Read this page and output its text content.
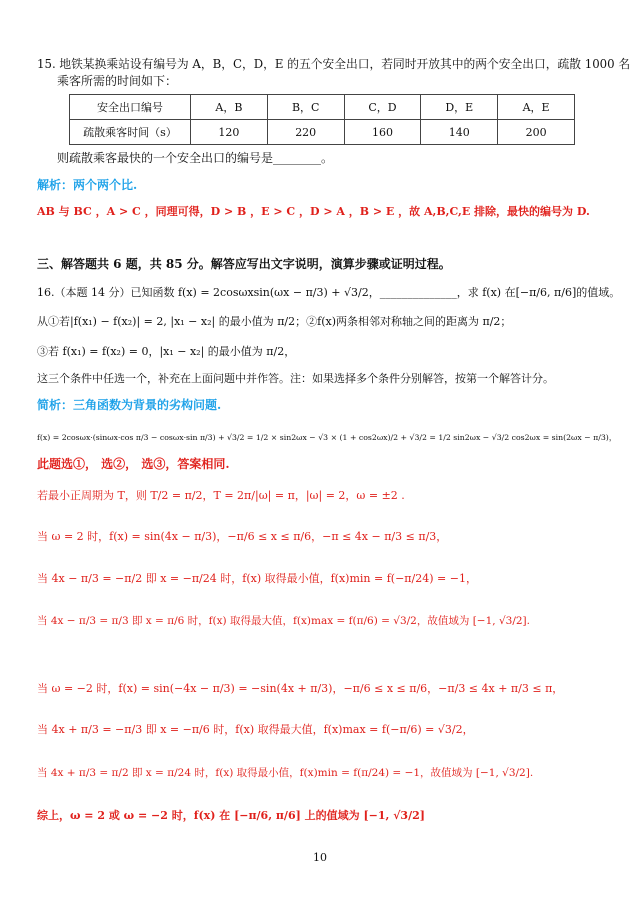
15. 地铁某换乘站设有编号为 A，B，C，D，E 的五个安全出口，若同时开放其中的两个安全出口，疏散 1000 名
乘客所需的时间如下：
安全出口编号	A，B	B，C	C，D	D，E	A，E
疏散乘客时间（s）	120	220	160	140	200
则疏散乘客最快的一个安全出口的编号是________。
解析：两个两个比.
AB 与 BC ，A > C ，同理可得，D > B ，E > C ，D > A ，B > E ，故 A,B,C,E 排除，最快的编号为 D.
三、解答题共 6 题，共 85 分。解答应写出文字说明，演算步骤或证明过程。
16.（本题 14 分）已知函数 f(x) = 2cosωxsin(ωx − π/3) + √3/2，______________，求 f(x) 在[−π/6, π/6]的值域。
从①若|f(x₁) − f(x₂)| = 2, |x₁ − x₂| 的最小值为 π/2；②f(x)两条相邻对称轴之间的距离为 π/2；
③若 f(x₁) = f(x₂) = 0，|x₁ − x₂| 的最小值为 π/2，
这三个条件中任选一个，补充在上面问题中并作答。注：如果选择多个条件分别解答，按第一个解答计分。
简析：三角函数为背景的劣构问题.
f(x) = 2cosωx·(sinωx·cos π/3 − cosωx·sin π/3) + √3/2 = 1/2 × sin2ωx − √3 × (1 + cos2ωx)/2 + √3/2 = 1/2 sin2ωx − √3/2 cos2ωx = sin(2ωx − π/3)，
此题选①， 选②， 选③，答案相同.
若最小正周期为 T，则 T/2 = π/2，T = 2π/|ω| = π，|ω| = 2，ω = ±2 .
当 ω = 2 时，f(x) = sin(4x − π/3)，−π/6 ≤ x ≤ π/6，−π ≤ 4x − π/3 ≤ π/3，
当 4x − π/3 = −π/2 即 x = −π/24 时，f(x) 取得最小值，f(x)min = f(−π/24) = −1，
当 4x − π/3 = π/3 即 x = π/6 时，f(x) 取得最大值，f(x)max = f(π/6) = √3/2，故值域为 [−1, √3/2].
当 ω = −2 时，f(x) = sin(−4x − π/3) = −sin(4x + π/3)，−π/6 ≤ x ≤ π/6，−π/3 ≤ 4x + π/3 ≤ π，
当 4x + π/3 = −π/3 即 x = −π/6 时，f(x) 取得最大值，f(x)max = f(−π/6) = √3/2，
当 4x + π/3 = π/2 即 x = π/24 时，f(x) 取得最小值，f(x)min = f(π/24) = −1，故值域为 [−1, √3/2].
综上，ω = 2 或 ω = −2 时，f(x) 在 [−π/6, π/6] 上的值域为 [−1, √3/2]
10
